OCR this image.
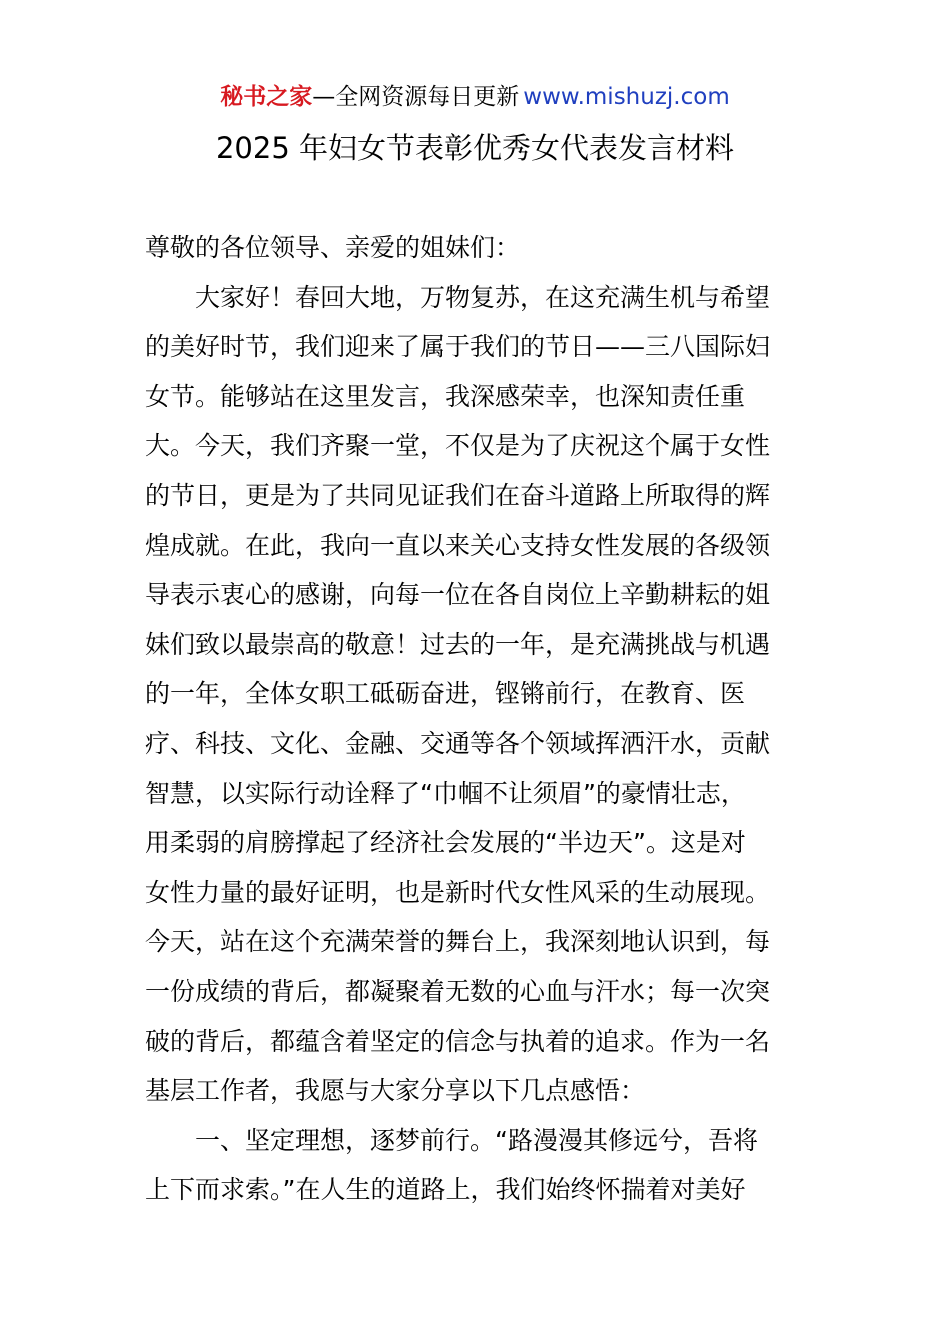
秘书之家—全网资源每日更新 www.mishuzj.com
2025 年妇女节表彰优秀女代表发言材料

尊敬的各位领导、亲爱的姐妹们：

　　大家好！春回大地，万物复苏，在这充满生机与希望

的美好时节，我们迎来了属于我们的节日——三八国际妇

女节。能够站在这里发言，我深感荣幸，也深知责任重

大。今天，我们齐聚一堂，不仅是为了庆祝这个属于女性

的节日，更是为了共同见证我们在奋斗道路上所取得的辉

煌成就。在此，我向一直以来关心支持女性发展的各级领

导表示衷心的感谢，向每一位在各自岗位上辛勤耕耘的姐

妹们致以最崇高的敬意！过去的一年，是充满挑战与机遇

的一年，全体女职工砥砺奋进，铿锵前行，在教育、医

疗、科技、文化、金融、交通等各个领域挥洒汗水，贡献

智慧，以实际行动诠释了“巾帼不让须眉”的豪情壮志，

用柔弱的肩膀撑起了经济社会发展的“半边天”。这是对

女性力量的最好证明，也是新时代女性风采的生动展现。

今天，站在这个充满荣誉的舞台上，我深刻地认识到，每

一份成绩的背后，都凝聚着无数的心血与汗水；每一次突

破的背后，都蕴含着坚定的信念与执着的追求。作为一名

基层工作者，我愿与大家分享以下几点感悟：

　　一、坚定理想，逐梦前行。“路漫漫其修远兮，吾将

上下而求索。”在人生的道路上，我们始终怀揣着对美好
